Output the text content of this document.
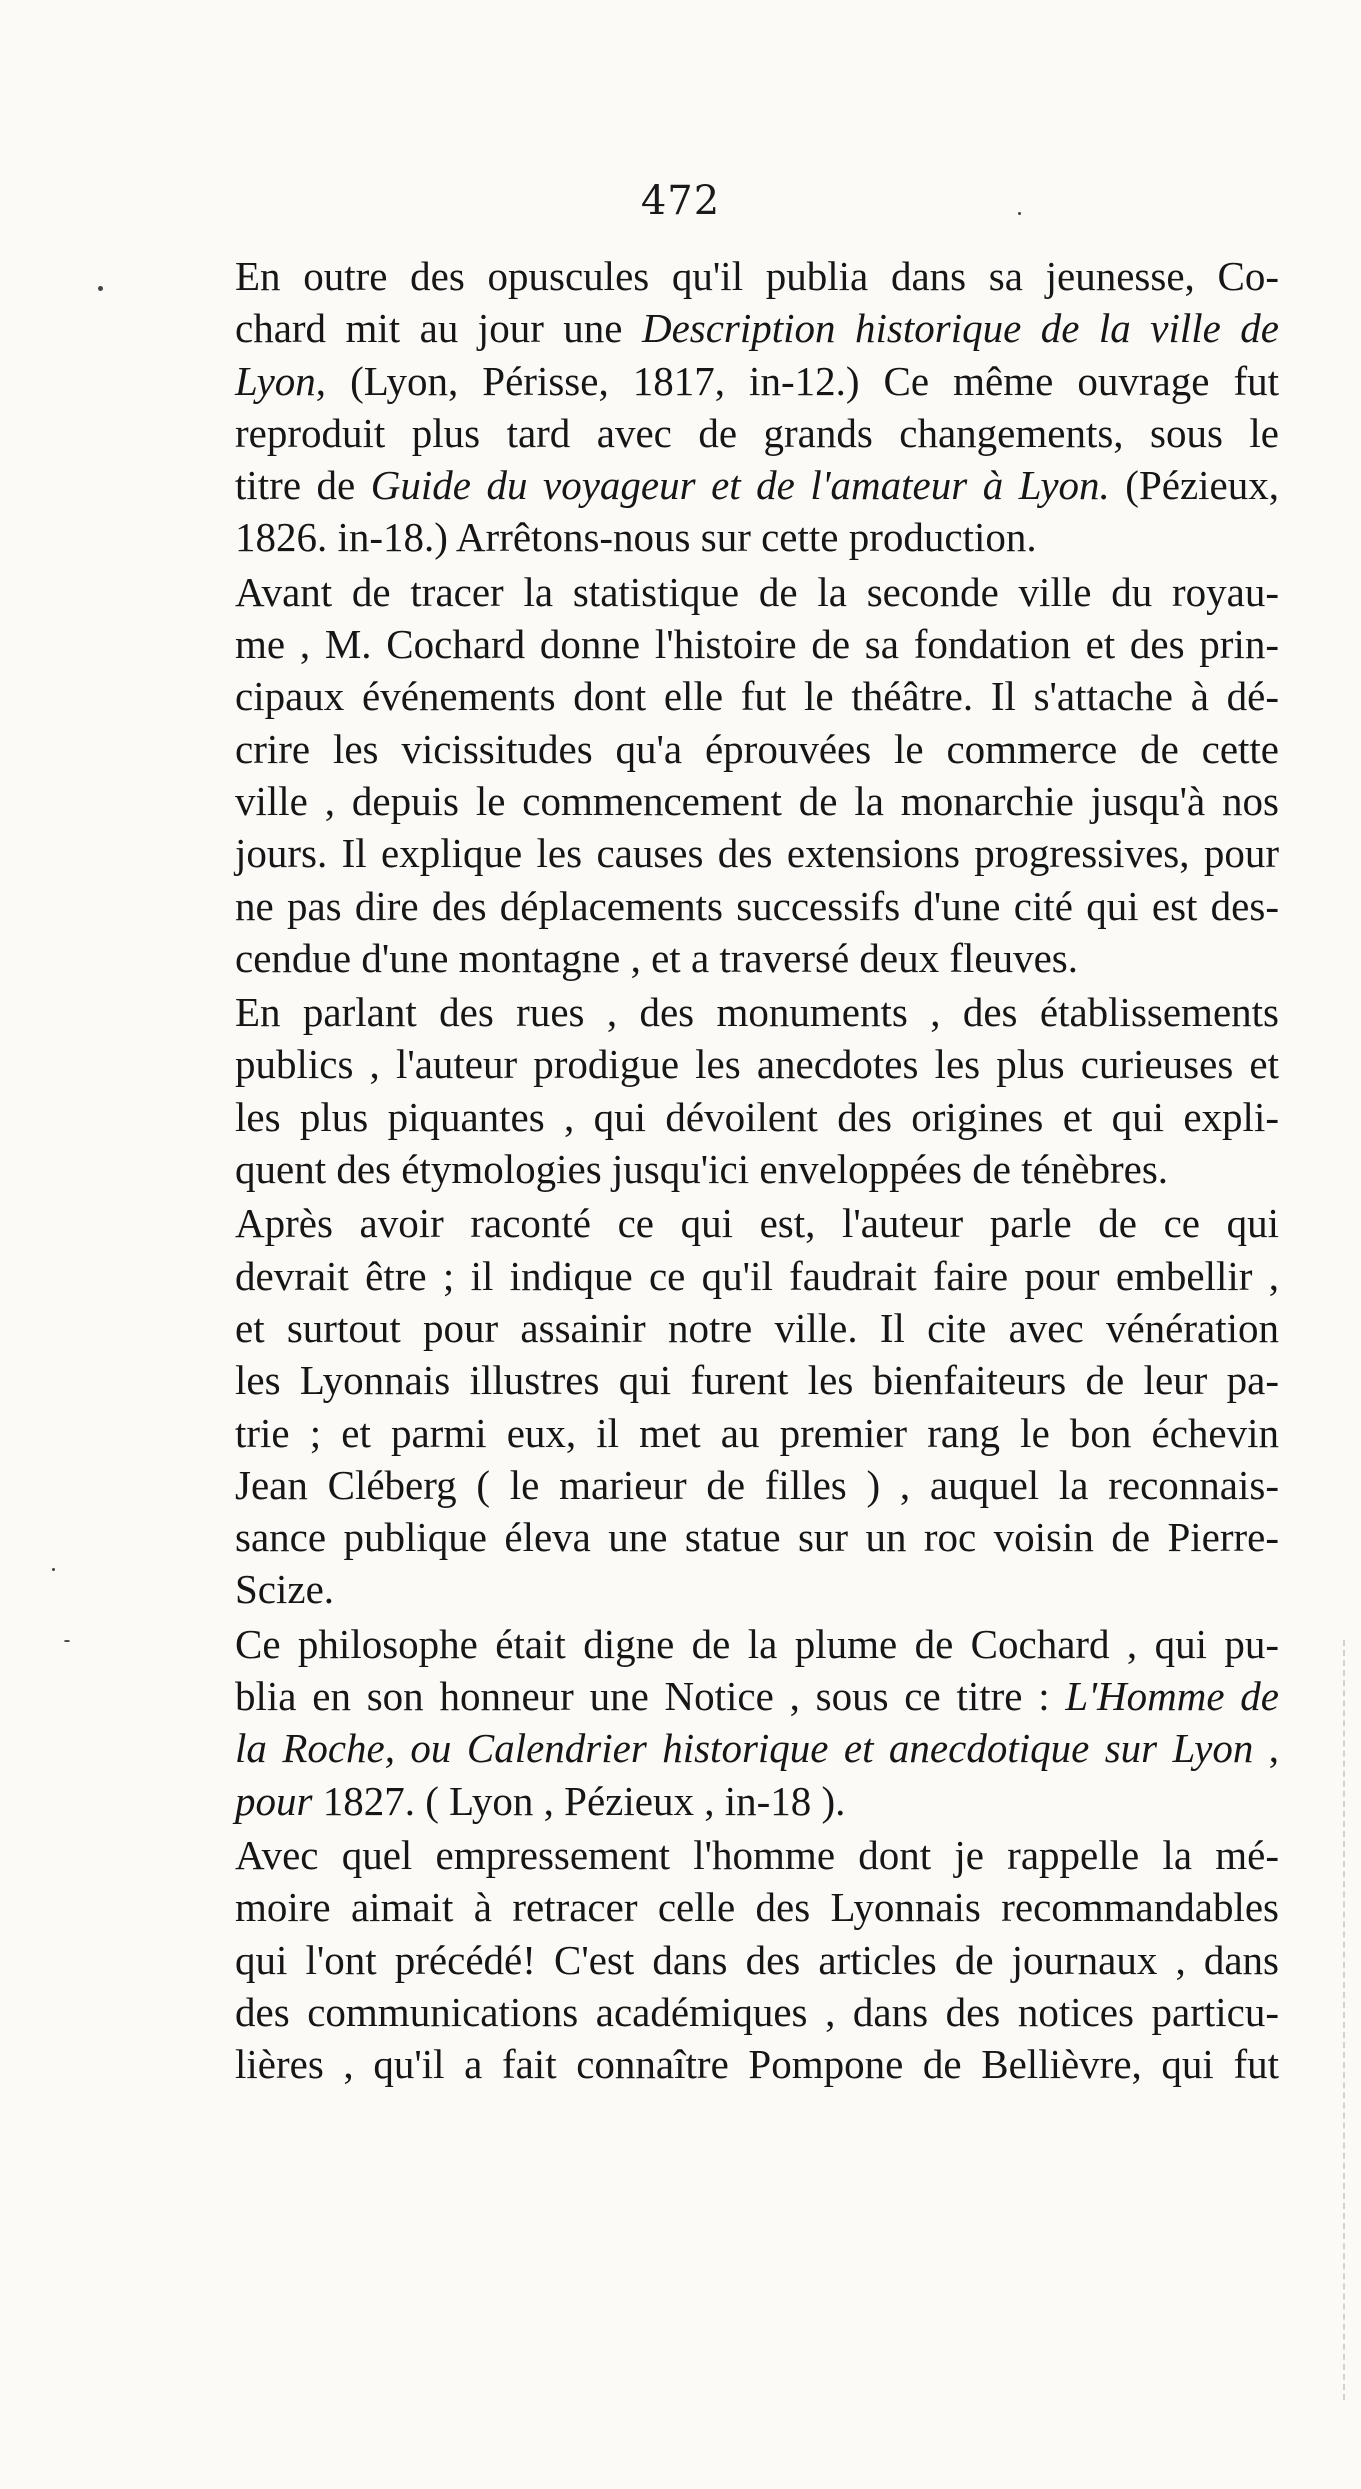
472
En outre des opuscules qu'il publia dans sa jeunesse, Co-
chard mit au jour une Description historique de la ville de
Lyon, (Lyon, Périsse, 1817, in-12.) Ce même ouvrage fut
reproduit plus tard avec de grands changements, sous le
titre de Guide du voyageur et de l'amateur à Lyon. (Pézieux,
1826. in-18.) Arrêtons-nous sur cette production.
Avant de tracer la statistique de la seconde ville du royau-
me , M. Cochard donne l'histoire de sa fondation et des prin-
cipaux événements dont elle fut le théâtre. Il s'attache à dé-
crire les vicissitudes qu'a éprouvées le commerce de cette
ville , depuis le commencement de la monarchie jusqu'à nos
jours. Il explique les causes des extensions progressives, pour
ne pas dire des déplacements successifs d'une cité qui est des-
cendue d'une montagne , et a traversé deux fleuves.
En parlant des rues , des monuments , des établissements
publics , l'auteur prodigue les anecdotes les plus curieuses et
les plus piquantes , qui dévoilent des origines et qui expli-
quent des étymologies jusqu'ici enveloppées de ténèbres.
Après avoir raconté ce qui est, l'auteur parle de ce qui
devrait être ; il indique ce qu'il faudrait faire pour embellir ,
et surtout pour assainir notre ville. Il cite avec vénération
les Lyonnais illustres qui furent les bienfaiteurs de leur pa-
trie ; et parmi eux, il met au premier rang le bon échevin
Jean Cléberg ( le marieur de filles ) , auquel la reconnais-
sance publique éleva une statue sur un roc voisin de Pierre-
Scize.
Ce philosophe était digne de la plume de Cochard , qui pu-
blia en son honneur une Notice , sous ce titre : L'Homme de
la Roche, ou Calendrier historique et anecdotique sur Lyon ,
pour 1827. ( Lyon , Pézieux , in-18 ).
Avec quel empressement l'homme dont je rappelle la mé-
moire aimait à retracer celle des Lyonnais recommandables
qui l'ont précédé! C'est dans des articles de journaux , dans
des communications académiques , dans des notices particu-
lières , qu'il a fait connaître Pompone de Bellièvre, qui fut
